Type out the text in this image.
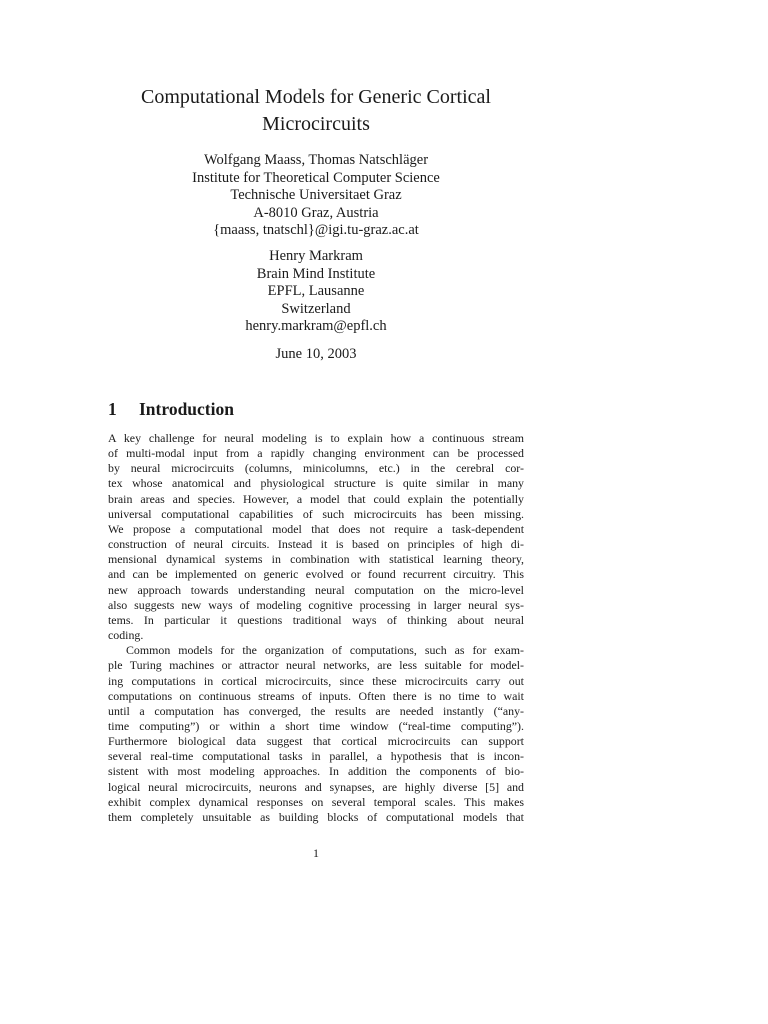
Computational Models for Generic Cortical
Microcircuits
Wolfgang Maass, Thomas Natschläger
Institute for Theoretical Computer Science
Technische Universitaet Graz
A-8010 Graz, Austria
{maass, tnatschl}@igi.tu-graz.ac.at
Henry Markram
Brain Mind Institute
EPFL, Lausanne
Switzerland
henry.markram@epfl.ch
June 10, 2003
1 Introduction
A key challenge for neural modeling is to explain how a continuous stream
of multi-modal input from a rapidly changing environment can be processed
by neural microcircuits (columns, minicolumns, etc.) in the cerebral cor-
tex whose anatomical and physiological structure is quite similar in many
brain areas and species. However, a model that could explain the potentially
universal computational capabilities of such microcircuits has been missing.
We propose a computational model that does not require a task-dependent
construction of neural circuits. Instead it is based on principles of high di-
mensional dynamical systems in combination with statistical learning theory,
and can be implemented on generic evolved or found recurrent circuitry. This
new approach towards understanding neural computation on the micro-level
also suggests new ways of modeling cognitive processing in larger neural sys-
tems. In particular it questions traditional ways of thinking about neural
coding.
Common models for the organization of computations, such as for exam-
ple Turing machines or attractor neural networks, are less suitable for model-
ing computations in cortical microcircuits, since these microcircuits carry out
computations on continuous streams of inputs. Often there is no time to wait
until a computation has converged, the results are needed instantly (“any-
time computing”) or within a short time window (“real-time computing”).
Furthermore biological data suggest that cortical microcircuits can support
several real-time computational tasks in parallel, a hypothesis that is incon-
sistent with most modeling approaches. In addition the components of bio-
logical neural microcircuits, neurons and synapses, are highly diverse [5] and
exhibit complex dynamical responses on several temporal scales. This makes
them completely unsuitable as building blocks of computational models that
1
